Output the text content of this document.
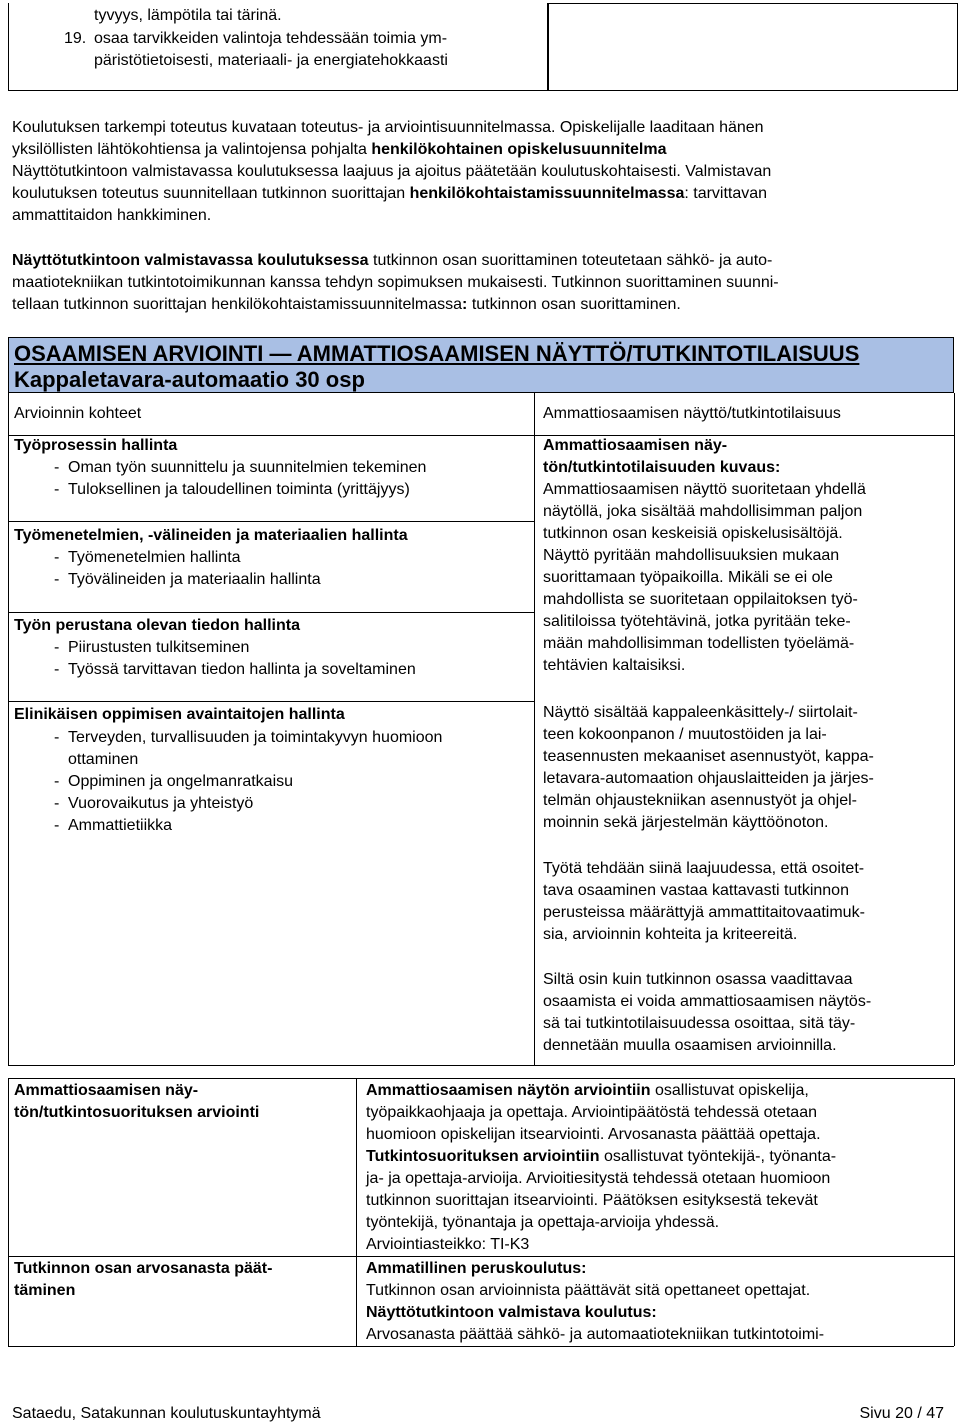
tyvyys, lämpötila tai tärinä.
19. osaa tarvikkeiden valintoja tehdessään toimia ym-
päristötietoisesti, materiaali- ja energiatehokkaasti
Koulutuksen tarkempi toteutus kuvataan toteutus- ja arviointisuunnitelmassa. Opiskelijalle laaditaan hänen
yksilöllisten lähtökohtiensa ja valintojensa pohjalta henkilökohtainen opiskelusuunnitelma
Näyttötutkintoon valmistavassa koulutuksessa laajuus ja ajoitus päätetään koulutuskohtaisesti. Valmistavan
koulutuksen toteutus suunnitellaan tutkinnon suorittajan henkilökohtaistamissuunnitelmassa: tarvittavan
ammattitaidon hankkiminen.
Näyttötutkintoon valmistavassa koulutuksessa tutkinnon osan suorittaminen toteutetaan sähkö- ja auto-
maatiotekniikan tutkintotoimikunnan kanssa tehdyn sopimuksen mukaisesti. Tutkinnon suorittaminen suunni-
tellaan tutkinnon suorittajan henkilökohtaistamissuunnitelmassa: tutkinnon osan suorittaminen.
OSAAMISEN ARVIOINTI — AMMATTIOSAAMISEN NÄYTTÖ/TUTKINTOTILAISUUS
Kappaletavara-automaatio 30 osp
Arvioinnin kohteet	Ammattiosaamisen näyttö/tutkintotilaisuus
Työprosessin hallinta
- Oman työn suunnittelu ja suunnitelmien tekeminen
- Tuloksellinen ja taloudellinen toiminta (yrittäjyys)
Työmenetelmien, -välineiden ja materiaalien hallinta
- Työmenetelmien hallinta
- Työvälineiden ja materiaalin hallinta
Työn perustana olevan tiedon hallinta
- Piirustusten tulkitseminen
- Työssä tarvittavan tiedon hallinta ja soveltaminen
Elinikäisen oppimisen avaintaitojen hallinta
- Terveyden, turvallisuuden ja toimintakyvyn huomioon
ottaminen
- Oppiminen ja ongelmanratkaisu
- Vuorovaikutus ja yhteistyö
- Ammattietiikka
Ammattiosaamisen näy-
tön/tutkintotilaisuuden kuvaus:
Ammattiosaamisen näyttö suoritetaan yhdellä
näytöllä, joka sisältää mahdollisimman paljon
tutkinnon osan keskeisiä opiskelusisältöjä.
Näyttö pyritään mahdollisuuksien mukaan
suorittamaan työpaikoilla. Mikäli se ei ole
mahdollista se suoritetaan oppilaitoksen työ-
salitiloissa työtehtävinä, jotka pyritään teke-
mään mahdollisimman todellisten työelämä-
tehtävien kaltaisiksi.
Näyttö sisältää kappaleenkäsittely-/ siirtolait-
teen kokoonpanon / muutostöiden ja lai-
teasennusten mekaaniset asennustyöt, kappa-
letavara-automaation ohjauslaitteiden ja järjes-
telmän ohjaustekniikan asennustyöt ja ohjel-
moinnin sekä järjestelmän käyttöönoton.
Työtä tehdään siinä laajuudessa, että osoitet-
tava osaaminen vastaa kattavasti tutkinnon
perusteissa määrättyjä ammattitaitovaatimuk-
sia, arvioinnin kohteita ja kriteereitä.
Siltä osin kuin tutkinnon osassa vaadittavaa
osaamista ei voida ammattiosaamisen näytös-
sä tai tutkintotilaisuudessa osoittaa, sitä täy-
dennetään muulla osaamisen arvioinnilla.
Ammattiosaamisen näy-
tön/tutkintosuorituksen arviointi
Ammattiosaamisen näytön arviointiin osallistuvat opiskelija,
työpaikkaohjaaja ja opettaja. Arviointipäätöstä tehdessä otetaan
huomioon opiskelijan itsearviointi. Arvosanasta päättää opettaja.
Tutkintosuorituksen arviointiin osallistuvat työntekijä-, työnanta-
ja- ja opettaja-arvioija. Arvioitiesitystä tehdessä otetaan huomioon
tutkinnon suorittajan itsearviointi. Päätöksen esityksestä tekevät
työntekijä, työnantaja ja opettaja-arvioija yhdessä.
Arviointiasteikko: TI-K3
Tutkinnon osan arvosanasta päät-
täminen
Ammatillinen peruskoulutus:
Tutkinnon osan arvioinnista päättävät sitä opettaneet opettajat.
Näyttötutkintoon valmistava koulutus:
Arvosanasta päättää sähkö- ja automaatiotekniikan tutkintotoimi-
Sataedu, Satakunnan koulutuskuntayhtymä	Sivu 20 / 47
